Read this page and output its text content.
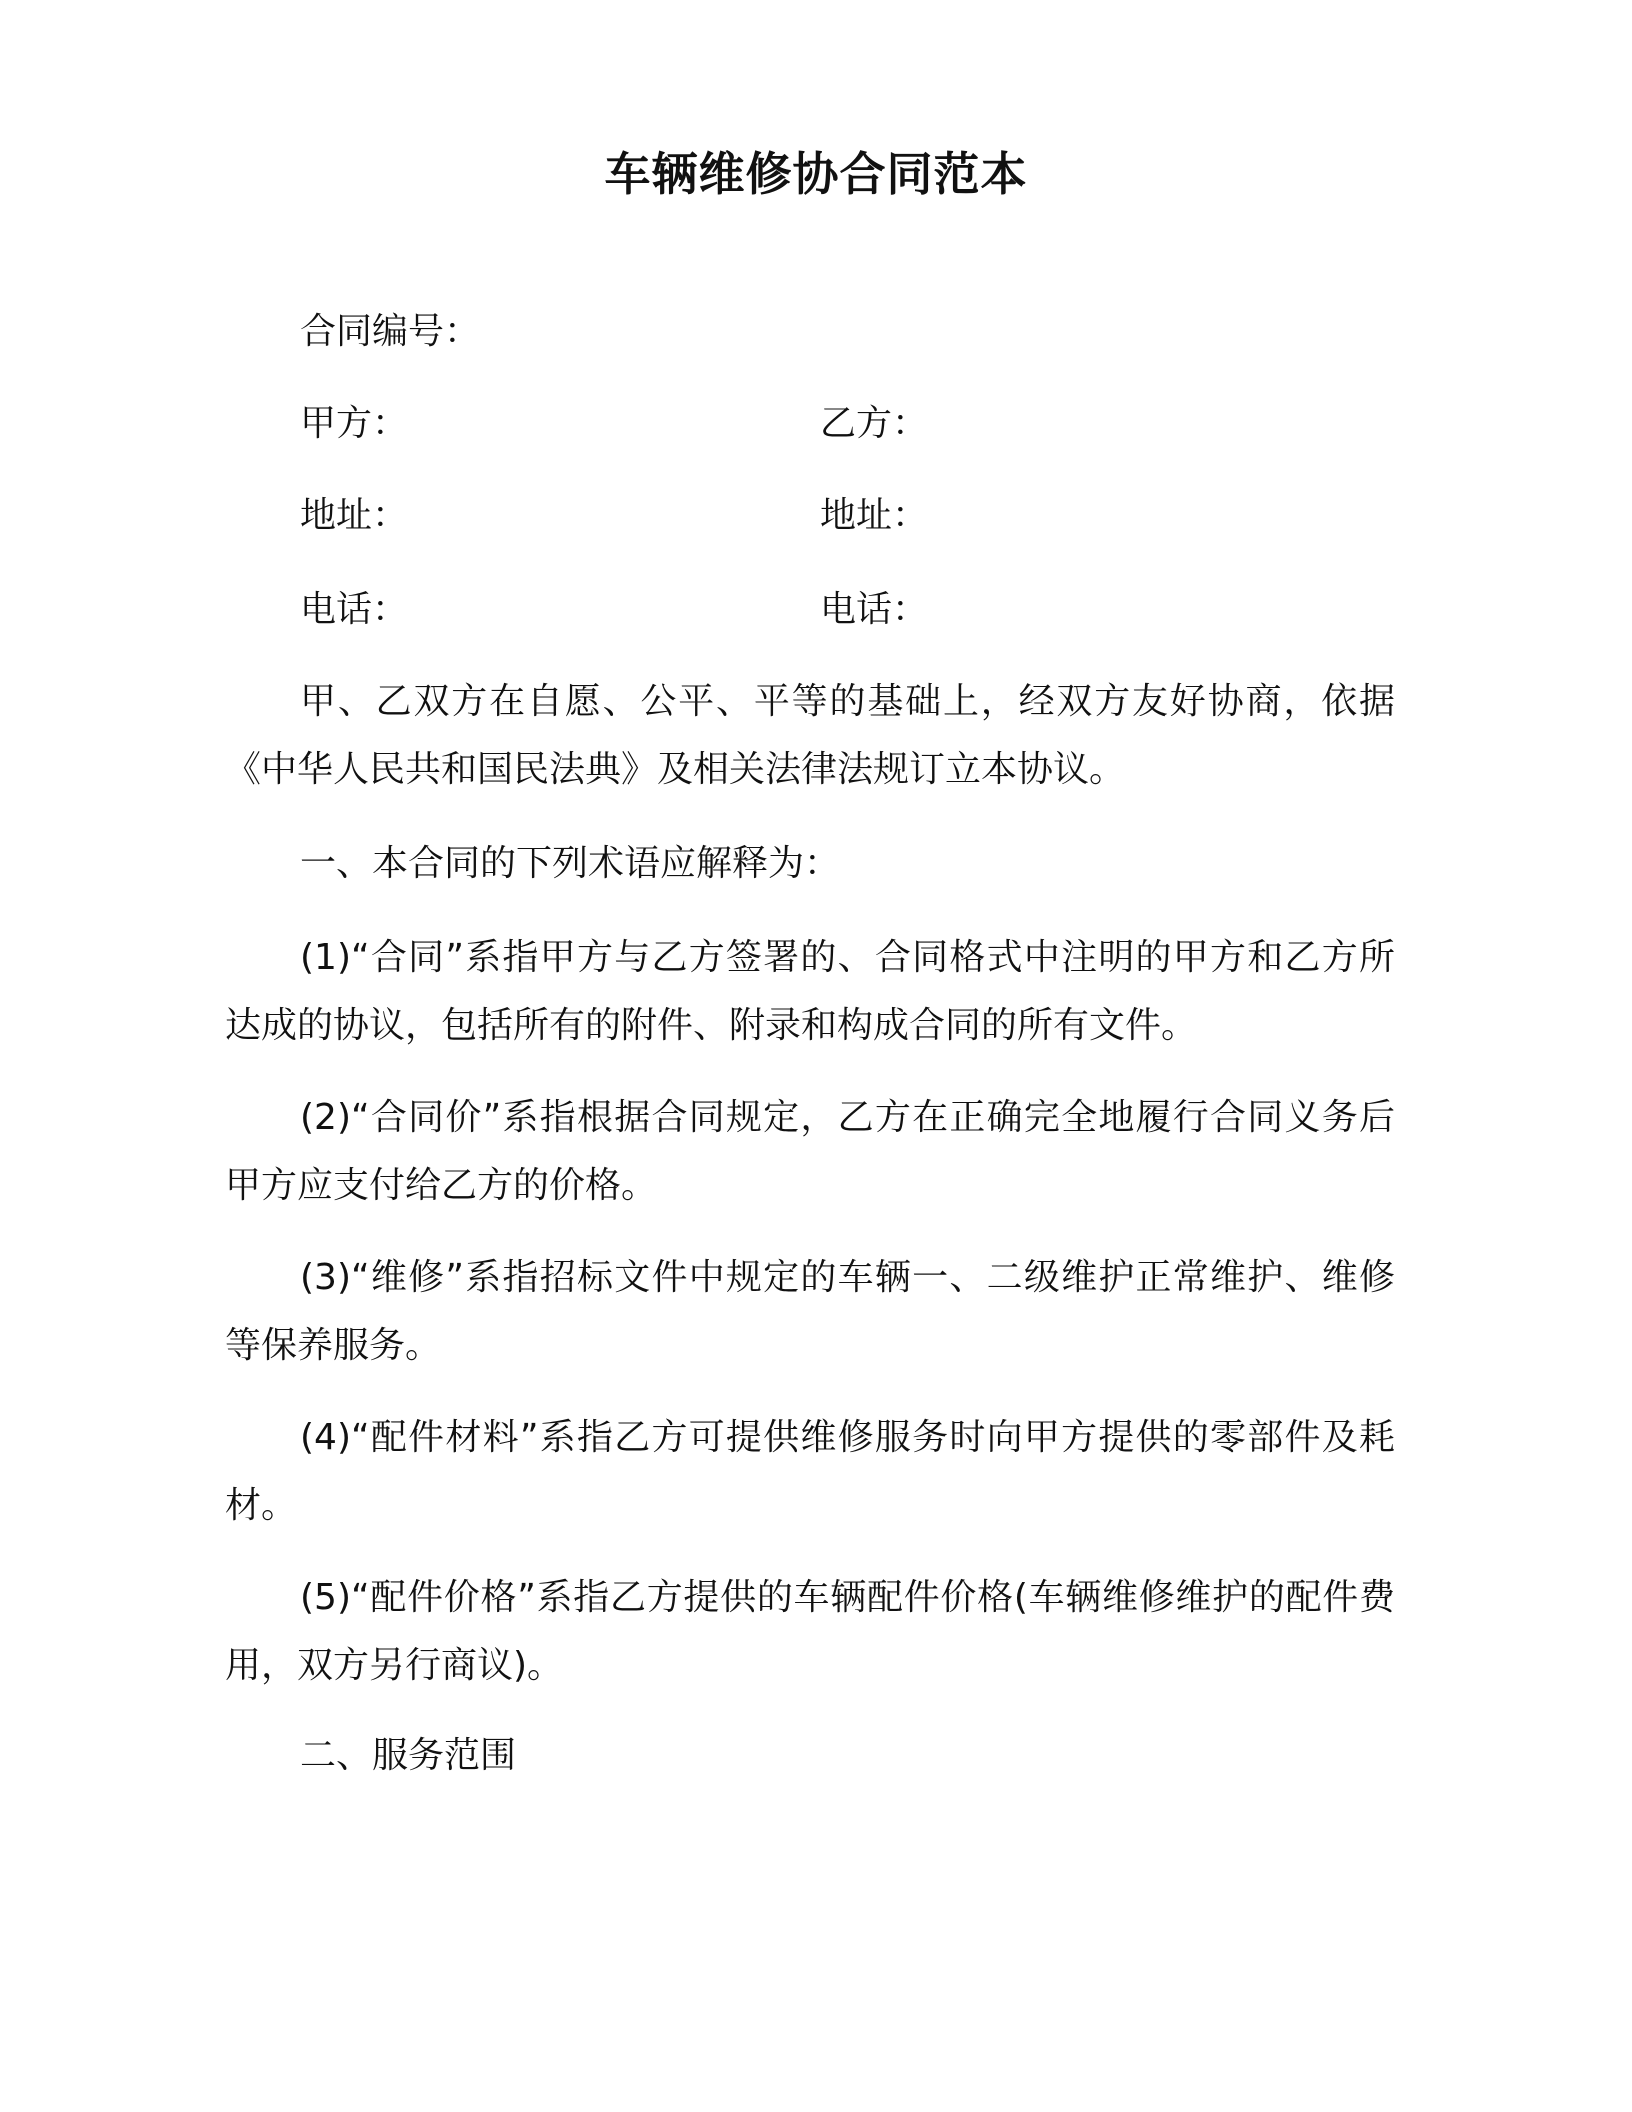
车辆维修协合同范本
合同编号：
甲方：	乙方：
地址：	地址：
电话：	电话：
甲、乙双方在自愿、公平、平等的基础上，经双方友好协商，依据《中华人民共和国民法典》及相关法律法规订立本协议。
一、本合同的下列术语应解释为：
(1)“合同”系指甲方与乙方签署的、合同格式中注明的甲方和乙方所达成的协议，包括所有的附件、附录和构成合同的所有文件。
(2)“合同价”系指根据合同规定，乙方在正确完全地履行合同义务后甲方应支付给乙方的价格。
(3)“维修”系指招标文件中规定的车辆一、二级维护正常维护、维修等保养服务。
(4)“配件材料”系指乙方可提供维修服务时向甲方提供的零部件及耗材。
(5)“配件价格”系指乙方提供的车辆配件价格(车辆维修维护的配件费用，双方另行商议)。
二、服务范围
